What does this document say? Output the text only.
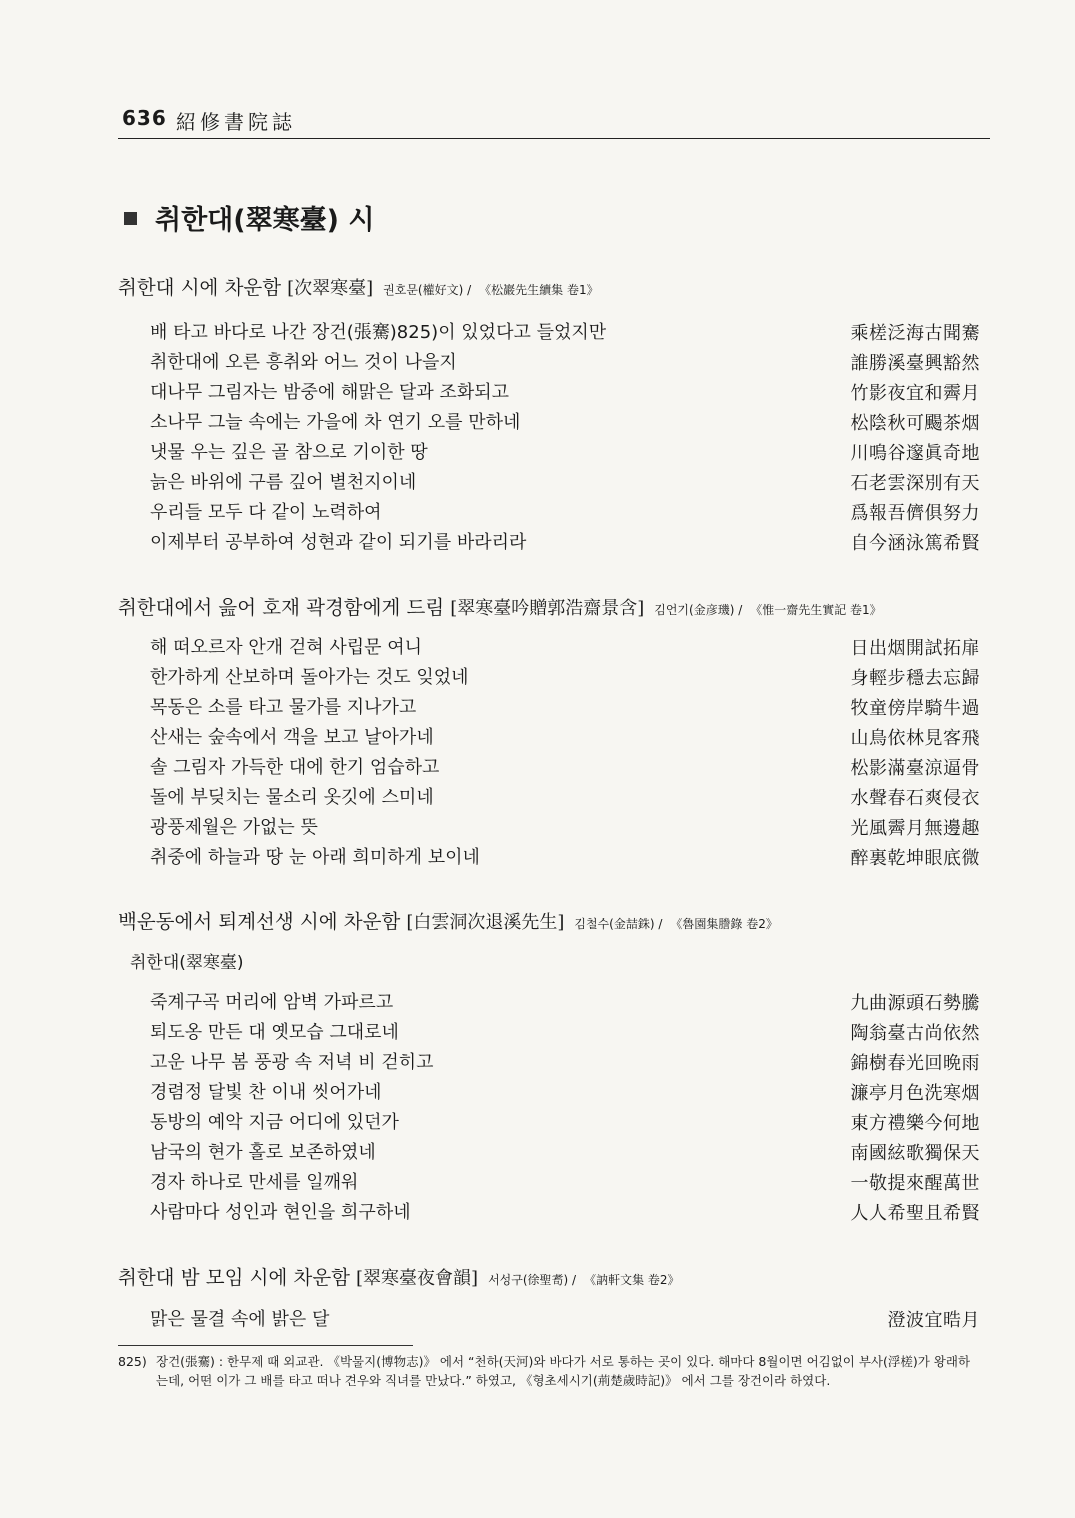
636 紹修書院誌
취한대(翠寒臺) 시
취한대 시에 차운함 [次翠寒臺] 권호문(權好文) / 《松巖先生續集 卷1》
배 타고 바다로 나간 장건(張騫)825)이 있었다고 들었지만	乘槎泛海古聞騫
취한대에 오른 흥취와 어느 것이 나을지	誰勝溪臺興豁然
대나무 그림자는 밤중에 해맑은 달과 조화되고	竹影夜宜和霽月
소나무 그늘 속에는 가을에 차 연기 오를 만하네	松陰秋可颺茶烟
냇물 우는 깊은 골 참으로 기이한 땅	川鳴谷邃眞奇地
늙은 바위에 구름 깊어 별천지이네	石老雲深別有天
우리들 모두 다 같이 노력하여	爲報吾儕俱努力
이제부터 공부하여 성현과 같이 되기를 바라리라	自今涵泳篤希賢
취한대에서 읊어 호재 곽경함에게 드림 [翠寒臺吟贈郭浩齋景含] 김언기(金彦璣) / 《惟一齋先生實記 卷1》
해 떠오르자 안개 걷혀 사립문 여니	日出烟開試拓扉
한가하게 산보하며 돌아가는 것도 잊었네	身輕步穩去忘歸
목동은 소를 타고 물가를 지나가고	牧童傍岸騎牛過
산새는 숲속에서 객을 보고 날아가네	山鳥依林見客飛
솔 그림자 가득한 대에 한기 엄습하고	松影滿臺涼逼骨
돌에 부딪치는 물소리 옷깃에 스미네	水聲春石爽侵衣
광풍제월은 가없는 뜻	光風霽月無邊趣
취중에 하늘과 땅 눈 아래 희미하게 보이네	醉裏乾坤眼底微
백운동에서 퇴계선생 시에 차운함 [白雲洞次退溪先生] 김철수(金喆銖) / 《魯園集謄錄 卷2》
취한대(翠寒臺)
죽계구곡 머리에 암벽 가파르고	九曲源頭石勢騰
퇴도옹 만든 대 옛모습 그대로네	陶翁臺古尚依然
고운 나무 봄 풍광 속 저녁 비 걷히고	錦樹春光回晩雨
경렴정 달빛 찬 이내 씻어가네	濂亭月色洗寒烟
동방의 예악 지금 어디에 있던가	東方禮樂今何地
남국의 현가 홀로 보존하였네	南國絃歌獨保天
경자 하나로 만세를 일깨워	一敬提來醒萬世
사람마다 성인과 현인을 희구하네	人人希聖且希賢
취한대 밤 모임 시에 차운함 [翠寒臺夜會韻] 서성구(徐聖耉) / 《訥軒文集 卷2》
맑은 물결 속에 밝은 달	澄波宜晧月
825) 장건(張騫) : 한무제 때 외교관. 《박물지(博物志)》 에서 “천하(天河)와 바다가 서로 통하는 곳이 있다. 해마다 8월이면 어김없이 부사(浮槎)가 왕래하는데, 어떤 이가 그 배를 타고 떠나 견우와 직녀를 만났다.” 하였고, 《형초세시기(荊楚歲時記)》 에서 그를 장건이라 하였다.
